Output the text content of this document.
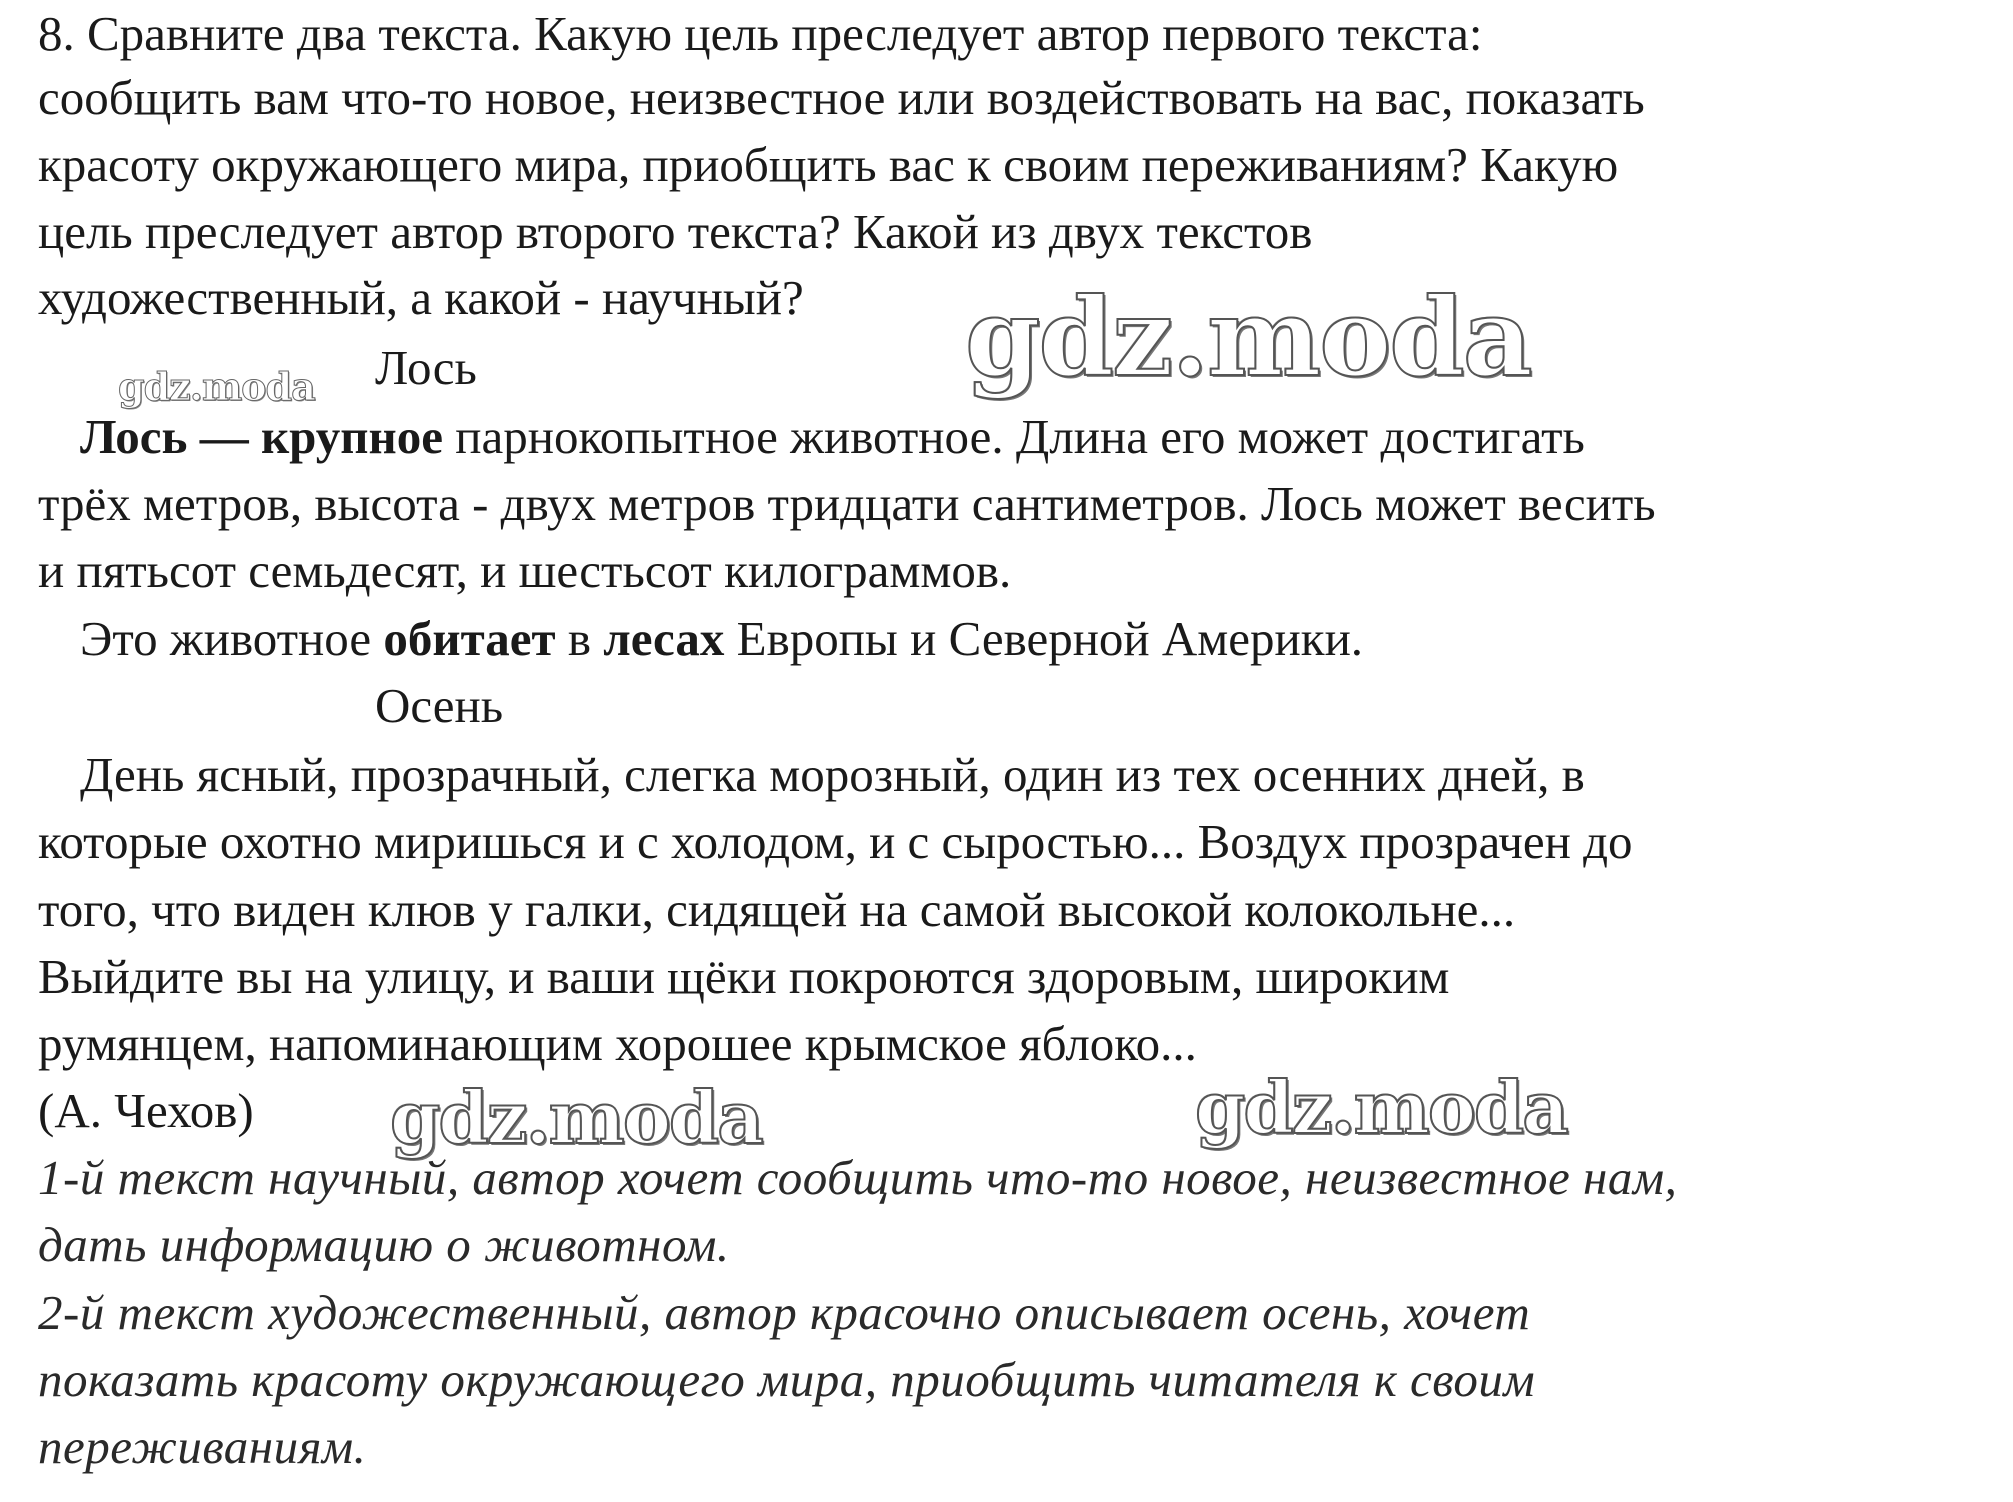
8. Сравните два текста. Какую цель преследует автор первого текста:
сообщить вам что-то новое, неизвестное или воздействовать на вас, показать
красоту окружающего мира, приобщить вас к своим переживаниям? Какую
цель преследует автор второго текста? Какой из двух текстов
художественный, а какой - научный?
Лось
Лось — крупное парнокопытное животное. Длина его может достигать
трёх метров, высота - двух метров тридцати сантиметров. Лось может весить
и пятьсот семьдесят, и шестьсот килограммов.
Это животное обитает в лесах Европы и Северной Америки.
Осень
День ясный, прозрачный, слегка морозный, один из тех осенних дней, в
которые охотно миришься и с холодом, и с сыростью... Воздух прозрачен до
того, что виден клюв у галки, сидящей на самой высокой колокольне...
Выйдите вы на улицу, и ваши щёки покроются здоровым, широким
румянцем, напоминающим хорошее крымское яблоко...
(А. Чехов)
1-й текст научный, автор хочет сообщить что-то новое, неизвестное нам,
дать информацию о животном.
2-й текст художественный, автор красочно описывает осень, хочет
показать красоту окружающего мира, приобщить читателя к своим
переживаниям.
gdz.moda
gdz.moda
gdz.moda	gdz.moda
